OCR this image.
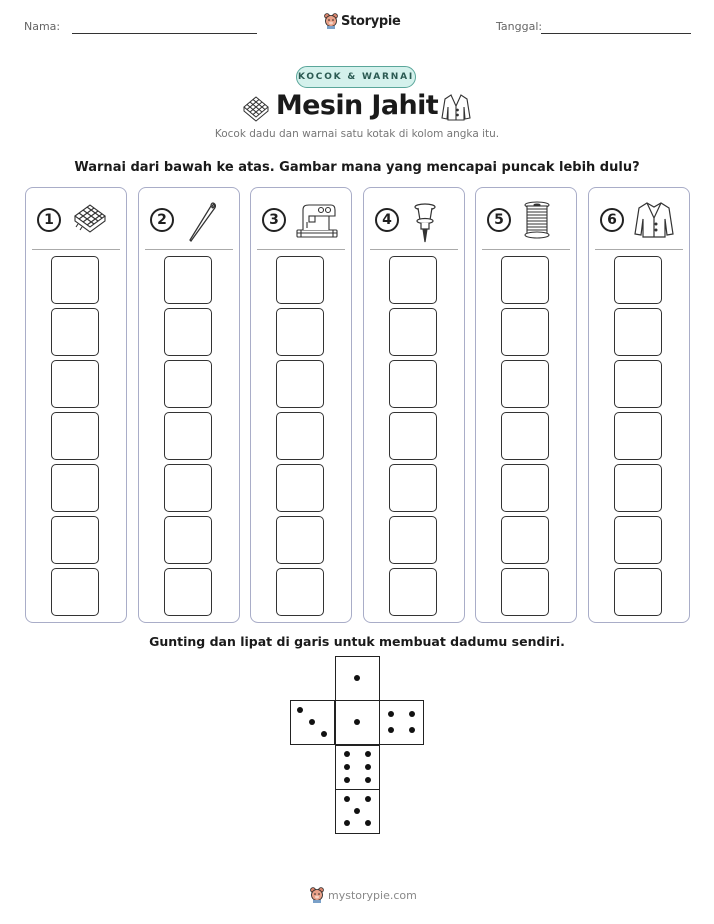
Nama:	Storypie	Tanggal:
KOCOK & WARNAI
Mesin Jahit
Kocok dadu dan warnai satu kotak di kolom angka itu.
Warnai dari bawah ke atas. Gambar mana yang mencapai puncak lebih dulu?
1	2	3	4	5	6
Gunting dan lipat di garis untuk membuat dadumu sendiri.
mystorypie.com
